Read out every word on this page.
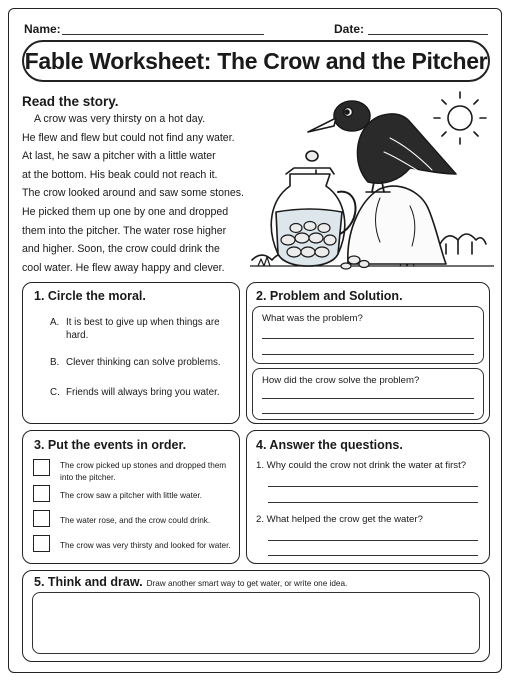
Name:	Date:
Fable Worksheet: The Crow and the Pitcher
Read the story.

A crow was very thirsty on a hot day.

He flew and flew but could not find any water.

At last, he saw a pitcher with a little water

at the bottom. His beak could not reach it.

The crow looked around and saw some stones.

He picked them up one by one and dropped

them into the pitcher. The water rose higher

and higher. Soon, the crow could drink the

cool water. He flew away happy and clever.

1. Circle the moral.
A. It is best to give up when things are hard.
B. Clever thinking can solve problems.
C. Friends will always bring you water.
2. Problem and Solution.
What was the problem?
How did the crow solve the problem?
3. Put the events in order.
The crow picked up stones and dropped them into the pitcher.
The crow saw a pitcher with little water.
The water rose, and the crow could drink.
The crow was very thirsty and looked for water.
4. Answer the questions.
1. Why could the crow not drink the water at first?
2. What helped the crow get the water?
5. Think and draw. Draw another smart way to get water, or write one idea.
